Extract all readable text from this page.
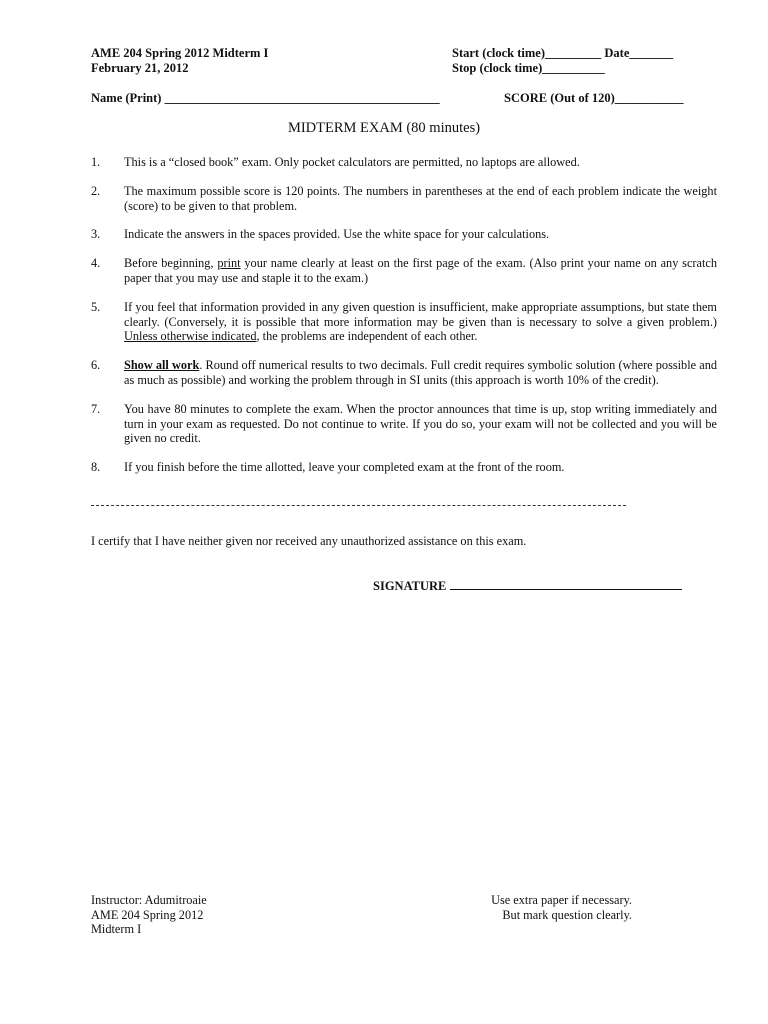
AME 204 Spring 2012 Midterm I
February 21, 2012
Start (clock time)_________ Date_______
Stop (clock time)__________
Name (Print) ____________________________________________	SCORE (Out of 120)___________
MIDTERM EXAM (80 minutes)
1.	This is a “closed book” exam. Only pocket calculators are permitted, no laptops are allowed.
2.	The maximum possible score is 120 points. The numbers in parentheses at the end of each problem indicate the weight (score) to be given to that problem.
3.	Indicate the answers in the spaces provided. Use the white space for your calculations.
4.	Before beginning, print your name clearly at least on the first page of the exam. (Also print your name on any scratch paper that you may use and staple it to the exam.)
5.	If you feel that information provided in any given question is insufficient, make appropriate assumptions, but state them clearly. (Conversely, it is possible that more information may be given than is necessary to solve a given problem.) Unless otherwise indicated, the problems are independent of each other.
6.	Show all work. Round off numerical results to two decimals. Full credit requires symbolic solution (where possible and as much as possible) and working the problem through in SI units (this approach is worth 10% of the credit).
7.	You have 80 minutes to complete the exam. When the proctor announces that time is up, stop writing immediately and turn in your exam as requested. Do not continue to write. If you do so, your exam will not be collected and you will be given no credit.
8.	If you finish before the time allotted, leave your completed exam at the front of the room.
I certify that I have neither given nor received any unauthorized assistance on this exam.
SIGNATURE
Instructor: Adumitroaie
AME 204 Spring 2012
Midterm I
Use extra paper if necessary.
But mark question clearly.
